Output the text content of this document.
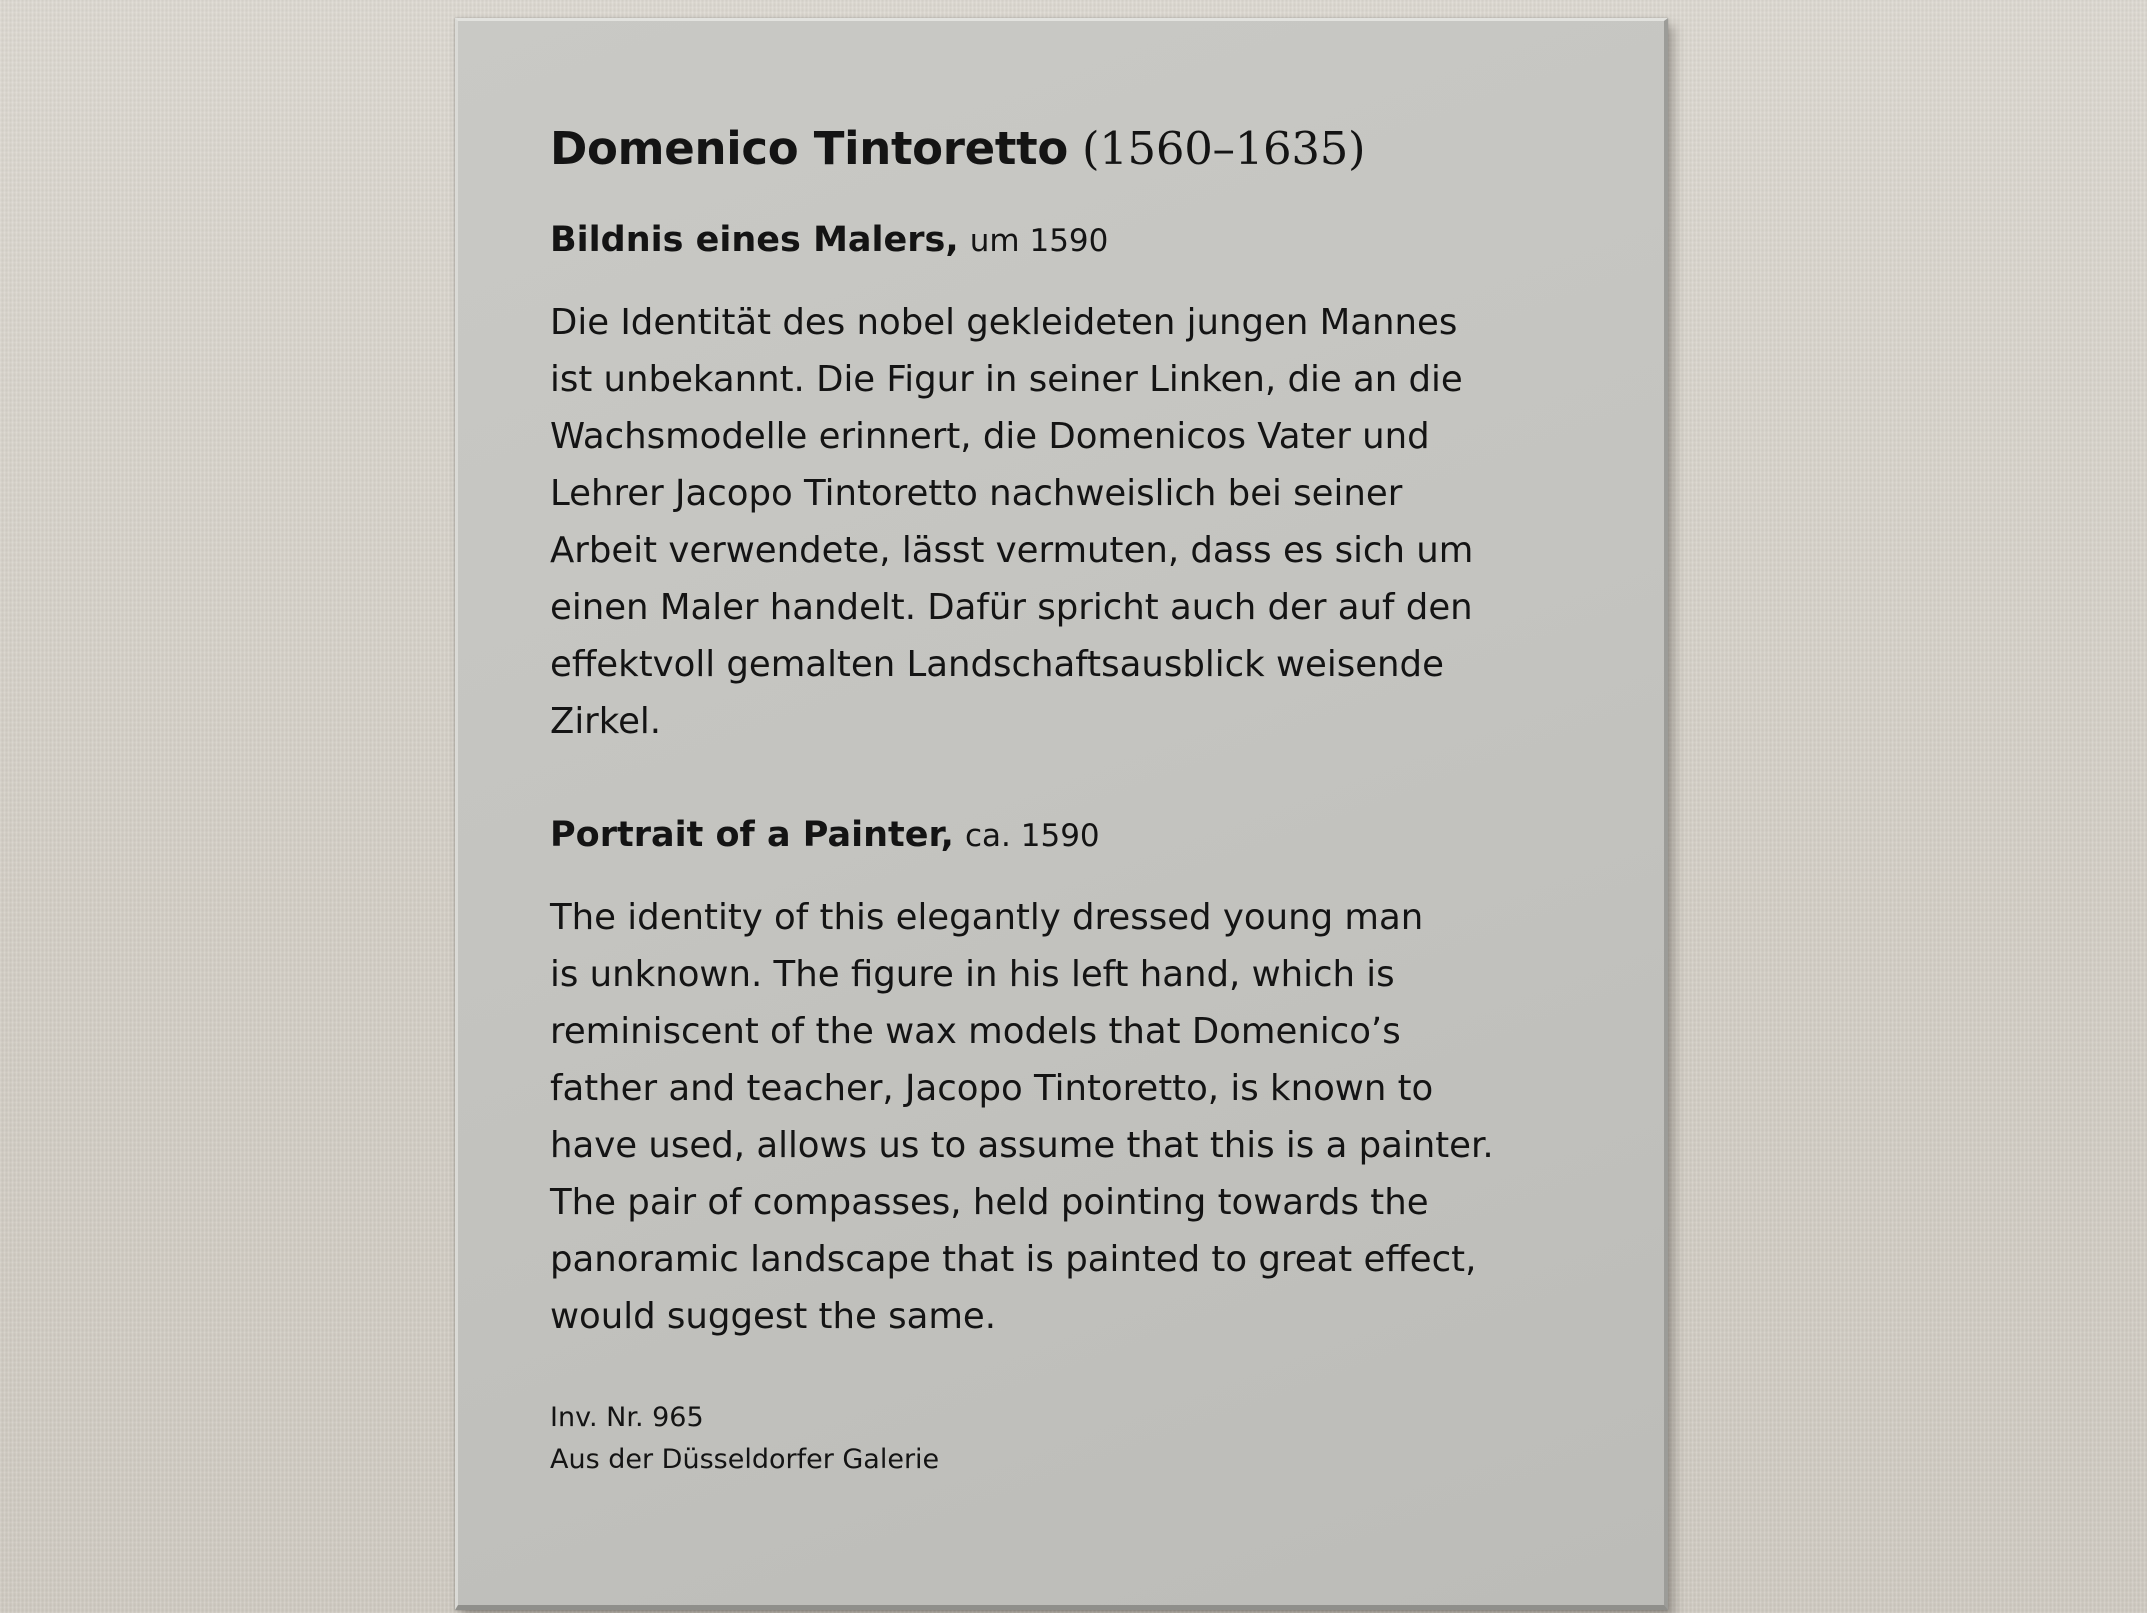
Domenico Tintoretto (1560–1635)
Bildnis eines Malers, um 1590
Die Identität des nobel gekleideten jungen Mannes
ist unbekannt. Die Figur in seiner Linken, die an die
Wachsmodelle erinnert, die Domenicos Vater und
Lehrer Jacopo Tintoretto nachweislich bei seiner
Arbeit verwendete, lässt vermuten, dass es sich um
einen Maler handelt. Dafür spricht auch der auf den
effektvoll gemalten Landschaftsausblick weisende
Zirkel.
Portrait of a Painter, ca. 1590
The identity of this elegantly dressed young man
is unknown. The figure in his left hand, which is
reminiscent of the wax models that Domenico’s
father and teacher, Jacopo Tintoretto, is known to
have used, allows us to assume that this is a painter.
The pair of compasses, held pointing towards the
panoramic landscape that is painted to great effect,
would suggest the same.
Inv. Nr. 965
Aus der Düsseldorfer Galerie
